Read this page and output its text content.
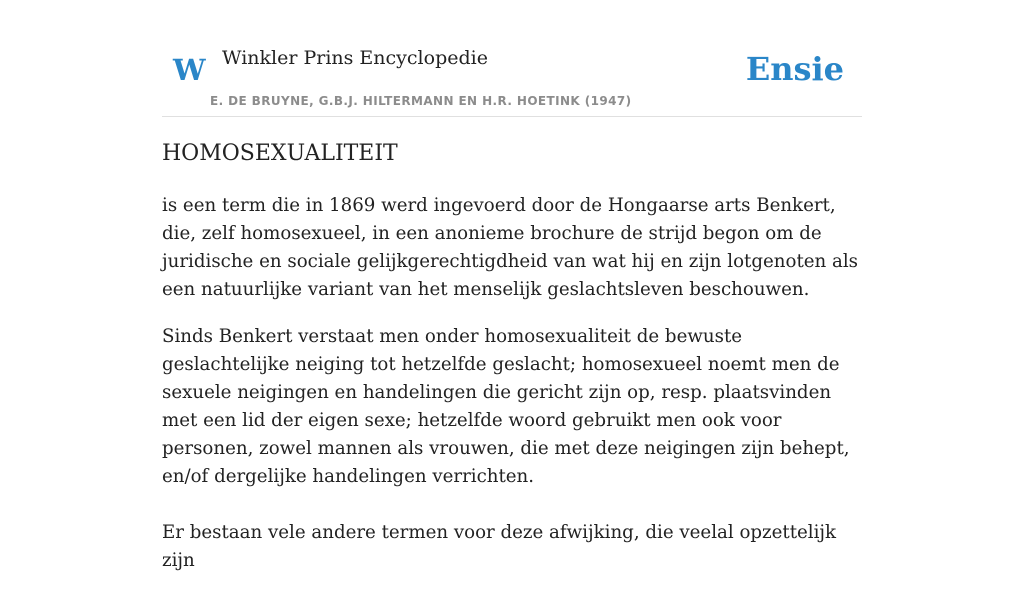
W Winkler Prins Encyclopedie
E. DE BRUYNE, G.B.J. HILTERMANN EN H.R. HOETINK (1947)
Ensie
HOMOSEXUALITEIT

is een term die in 1869 werd ingevoerd door de Hongaarse arts Benkert, die, zelf homosexueel, in een anonieme brochure de strijd begon om de juridische en sociale gelijkgerechtigdheid van wat hij en zijn lotgenoten als een natuurlijke variant van het menselijk geslachtsleven beschouwen.

Sinds Benkert verstaat men onder homosexualiteit de bewuste geslachtelijke neiging tot hetzelfde geslacht; homosexueel noemt men de sexuele neigingen en handelingen die gericht zijn op, resp. plaatsvinden met een lid der eigen sexe; hetzelfde woord gebruikt men ook voor personen, zowel mannen als vrouwen, die met deze neigingen zijn behept, en/of dergelijke handelingen verrichten.

Er bestaan vele andere termen voor deze afwijking, die veelal opzettelijk zijn
